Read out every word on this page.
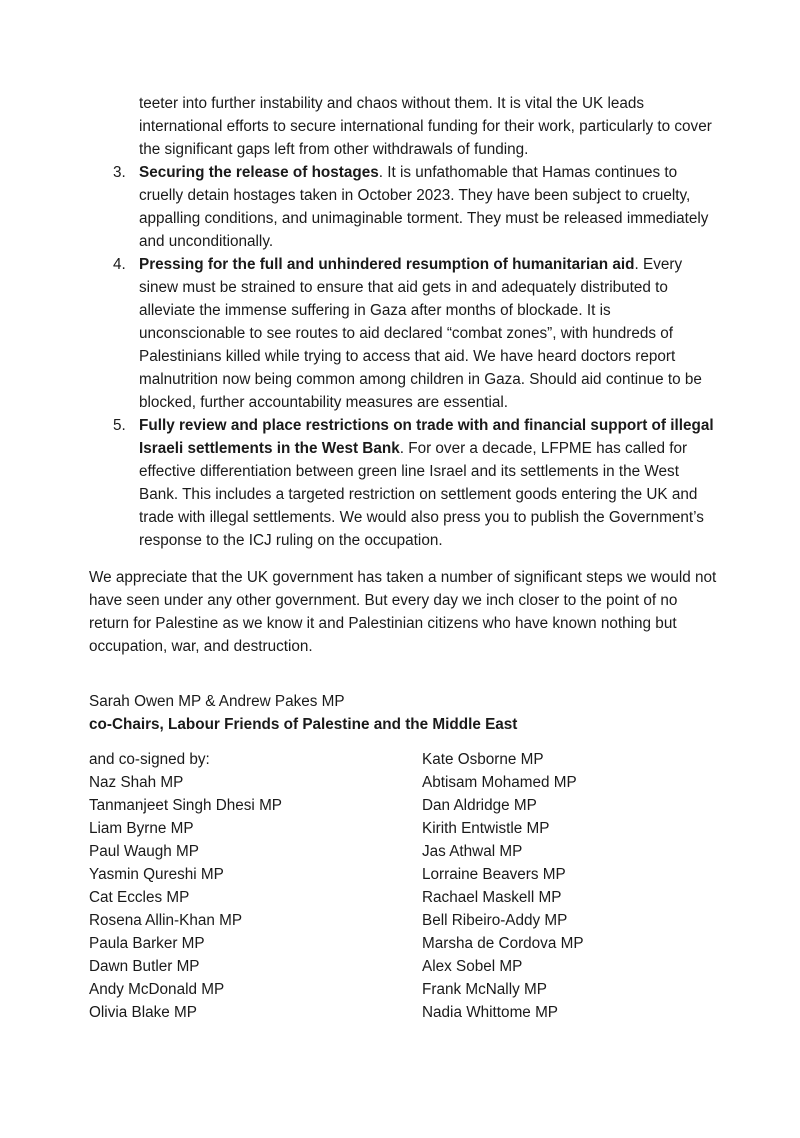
teeter into further instability and chaos without them. It is vital the UK leads international efforts to secure international funding for their work, particularly to cover the significant gaps left from other withdrawals of funding.
3. Securing the release of hostages. It is unfathomable that Hamas continues to cruelly detain hostages taken in October 2023. They have been subject to cruelty, appalling conditions, and unimaginable torment. They must be released immediately and unconditionally.
4. Pressing for the full and unhindered resumption of humanitarian aid. Every sinew must be strained to ensure that aid gets in and adequately distributed to alleviate the immense suffering in Gaza after months of blockade. It is unconscionable to see routes to aid declared “combat zones”, with hundreds of Palestinians killed while trying to access that aid. We have heard doctors report malnutrition now being common among children in Gaza. Should aid continue to be blocked, further accountability measures are essential.
5. Fully review and place restrictions on trade with and financial support of illegal Israeli settlements in the West Bank. For over a decade, LFPME has called for effective differentiation between green line Israel and its settlements in the West Bank. This includes a targeted restriction on settlement goods entering the UK and trade with illegal settlements. We would also press you to publish the Government’s response to the ICJ ruling on the occupation.

We appreciate that the UK government has taken a number of significant steps we would not have seen under any other government. But every day we inch closer to the point of no return for Palestine as we know it and Palestinian citizens who have known nothing but occupation, war, and destruction.

Sarah Owen MP & Andrew Pakes MP
co-Chairs, Labour Friends of Palestine and the Middle East
and co-signed by:
Naz Shah MP
Tanmanjeet Singh Dhesi MP
Liam Byrne MP
Paul Waugh MP
Yasmin Qureshi MP
Cat Eccles MP
Rosena Allin-Khan MP
Paula Barker MP
Dawn Butler MP
Andy McDonald MP
Olivia Blake MP
Kate Osborne MP
Abtisam Mohamed MP
Dan Aldridge MP
Kirith Entwistle MP
Jas Athwal MP
Lorraine Beavers MP
Rachael Maskell MP
Bell Ribeiro-Addy MP
Marsha de Cordova MP
Alex Sobel MP
Frank McNally MP
Nadia Whittome MP
